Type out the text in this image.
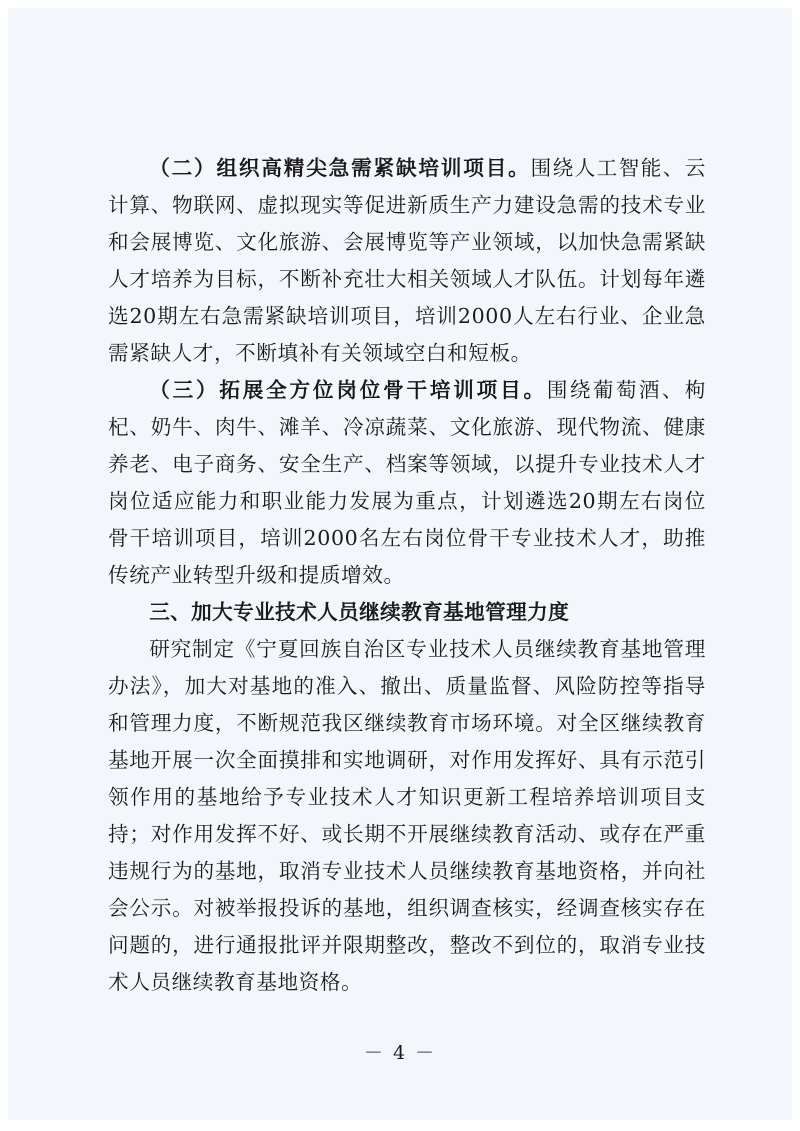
（二）组织高精尖急需紧缺培训项目。围绕人工智能、云计算、物联网、虚拟现实等促进新质生产力建设急需的技术专业和会展博览、文化旅游、会展博览等产业领域，以加快急需紧缺人才培养为目标，不断补充壮大相关领域人才队伍。计划每年遴选20期左右急需紧缺培训项目，培训2000人左右行业、企业急需紧缺人才，不断填补有关领域空白和短板。

（三）拓展全方位岗位骨干培训项目。围绕葡萄酒、枸杞、奶牛、肉牛、滩羊、冷凉蔬菜、文化旅游、现代物流、健康养老、电子商务、安全生产、档案等领域，以提升专业技术人才岗位适应能力和职业能力发展为重点，计划遴选20期左右岗位骨干培训项目，培训2000名左右岗位骨干专业技术人才，助推传统产业转型升级和提质增效。

三、加大专业技术人员继续教育基地管理力度

研究制定《宁夏回族自治区专业技术人员继续教育基地管理办法》，加大对基地的准入、撤出、质量监督、风险防控等指导和管理力度，不断规范我区继续教育市场环境。对全区继续教育基地开展一次全面摸排和实地调研，对作用发挥好、具有示范引领作用的基地给予专业技术人才知识更新工程培养培训项目支持；对作用发挥不好、或长期不开展继续教育活动、或存在严重违规行为的基地，取消专业技术人员继续教育基地资格，并向社会公示。对被举报投诉的基地，组织调查核实，经调查核实存在问题的，进行通报批评并限期整改，整改不到位的，取消专业技术人员继续教育基地资格。

－ 4 －
